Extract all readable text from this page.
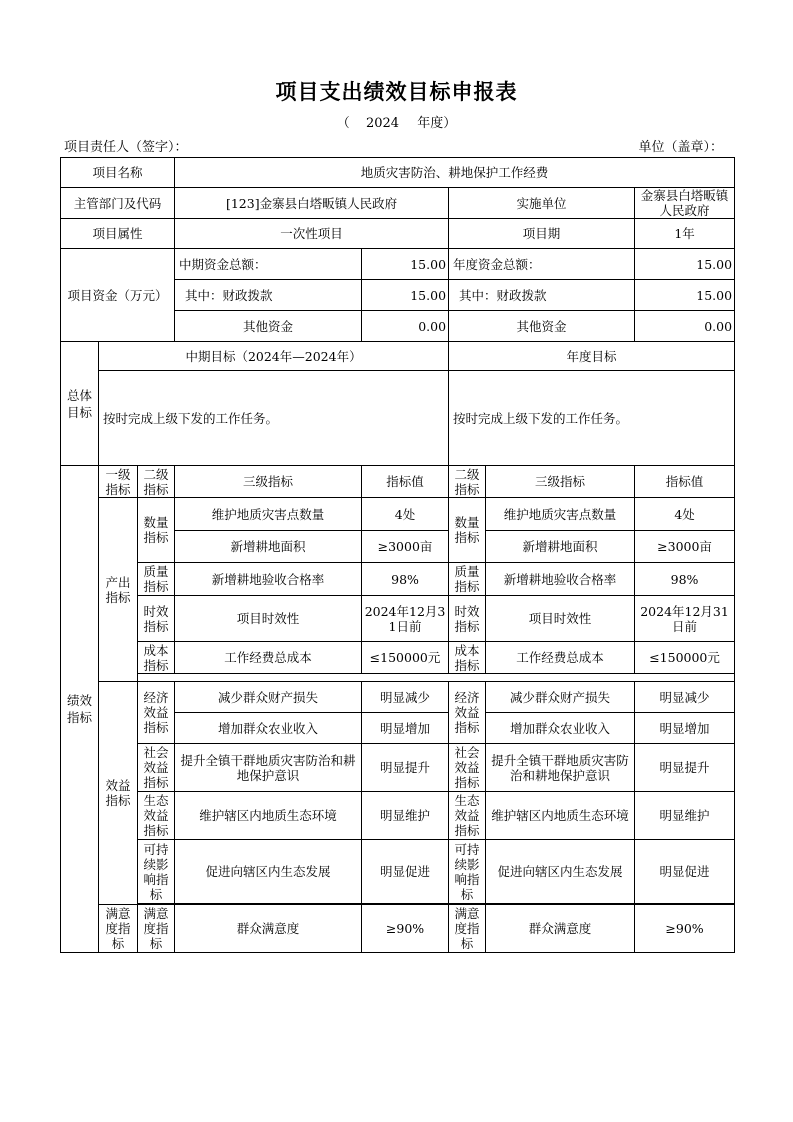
项目支出绩效目标申报表
（ 2024 年度）
项目责任人（签字）：	单位（盖章）：
项目名称			地质灾害防治、耕地保护工作经费				
主管部门及代码			[123]金寨县白塔畈镇人民政府		实施单位		金寨县白塔畈镇人民政府
项目属性			一次性项目		项目期		1年
项目资金（万元）			中期资金总额：	15.00	年度资金总额：		15.00
			其中：财政拨款	15.00	其中：财政拨款		15.00
			其他资金	0.00	其他资金		0.00
总体目标	中期目标（2024年—2024年）				年度目标		
	按时完成上级下发的工作任务。				按时完成上级下发的工作任务。		
绩效指标	一级指标	二级指标	三级指标	指标值	二级指标	三级指标	指标值
	产出指标	数量指标	维护地质灾害点数量	4处	数量指标	维护地质灾害点数量	4处
			新增耕地面积	≥3000亩		新增耕地面积	≥3000亩
		质量指标	新增耕地验收合格率	98%	质量指标	新增耕地验收合格率	98%
		时效指标	项目时效性	2024年12月31日前	时效指标	项目时效性	2024年12月31日前
		成本指标	工作经费总成本	≤150000元	成本指标	工作经费总成本	≤150000元

	效益指标	经济效益指标	减少群众财产损失	明显减少	经济效益指标	减少群众财产损失	明显减少
			增加群众农业收入	明显增加		增加群众农业收入	明显增加
		社会效益指标	提升全镇干群地质灾害防治和耕地保护意识	明显提升	社会效益指标	提升全镇干群地质灾害防治和耕地保护意识	明显提升
		生态效益指标	维护辖区内地质生态环境	明显维护	生态效益指标	维护辖区内地质生态环境	明显维护
		可持续影响指标	促进向辖区内生态发展	明显促进	可持续影响指标	促进向辖区内生态发展	明显促进

	满意度指标	满意度指标	群众满意度	≥90%	满意度指标	群众满意度	≥90%
